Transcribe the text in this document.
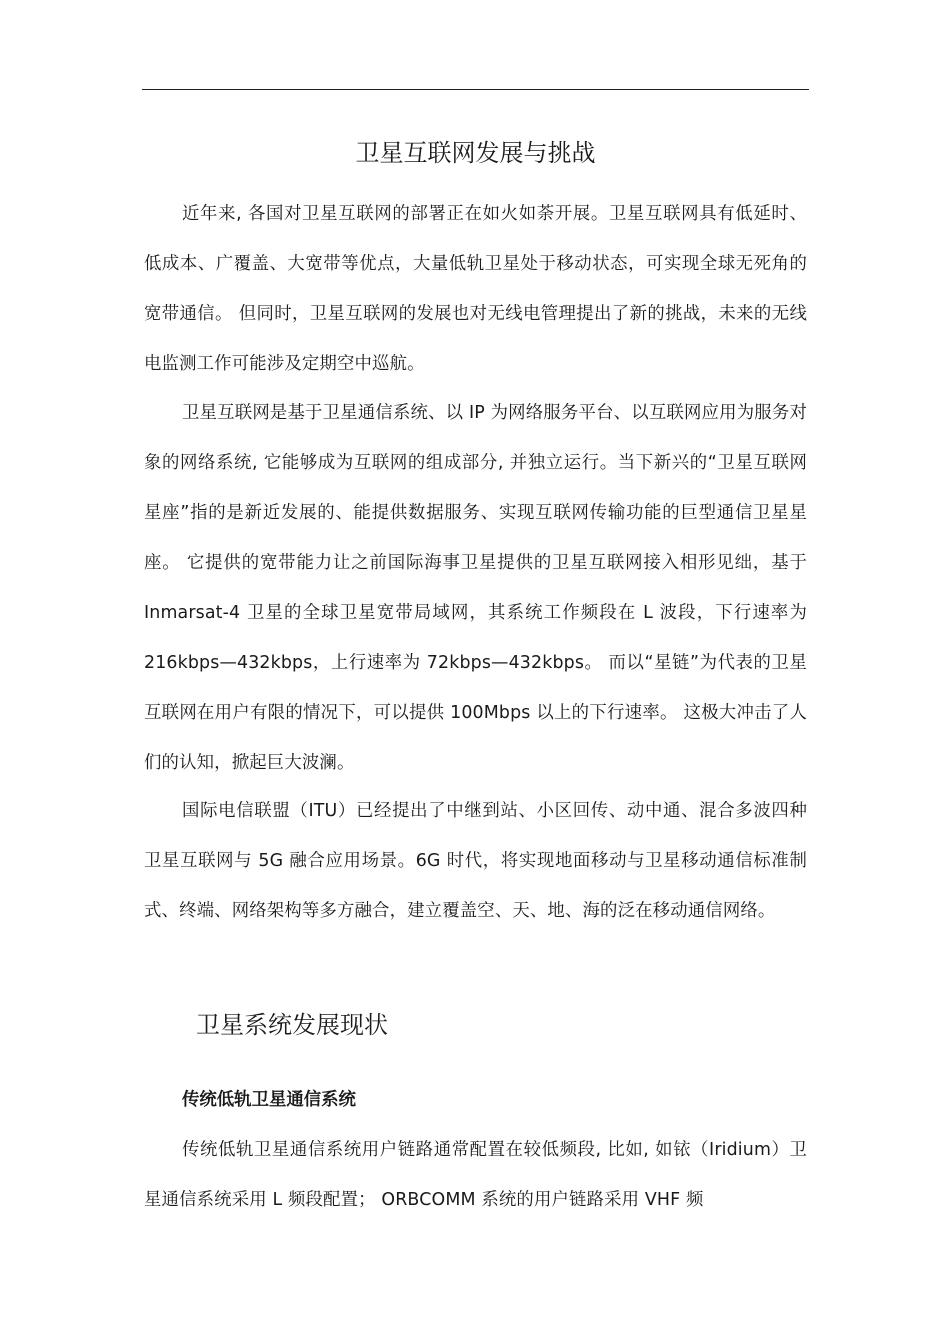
卫星互联网发展与挑战

近年来, 各国对卫星互联网的部署正在如火如荼开展。卫星互联网具有低延时、低成本、广覆盖、大宽带等优点，大量低轨卫星处于移动状态，可实现全球无死角的宽带通信。 但同时，卫星互联网的发展也对无线电管理提出了新的挑战，未来的无线电监测工作可能涉及定期空中巡航。

卫星互联网是基于卫星通信系统、以 IP 为网络服务平台、以互联网应用为服务对象的网络系统, 它能够成为互联网的组成部分, 并独立运行。当下新兴的“卫星互联网星座”指的是新近发展的、能提供数据服务、实现互联网传输功能的巨型通信卫星星座。 它提供的宽带能力让之前国际海事卫星提供的卫星互联网接入相形见绌，基于 Inmarsat-4 卫星的全球卫星宽带局域网，其系统工作频段在 L 波段，下行速率为 216kbps—432kbps，上行速率为 72kbps—432kbps。 而以“星链”为代表的卫星互联网在用户有限的情况下，可以提供 100Mbps 以上的下行速率。 这极大冲击了人们的认知，掀起巨大波澜。

国际电信联盟（ITU）已经提出了中继到站、小区回传、动中通、混合多波四种卫星互联网与 5G 融合应用场景。6G 时代，将实现地面移动与卫星移动通信标准制式、终端、网络架构等多方融合，建立覆盖空、天、地、海的泛在移动通信网络。

卫星系统发展现状
传统低轨卫星通信系统

传统低轨卫星通信系统用户链路通常配置在较低频段, 比如, 如铱（Iridium）卫星通信系统采用 L 频段配置； ORBCOMM 系统的用户链路采用 VHF 频
